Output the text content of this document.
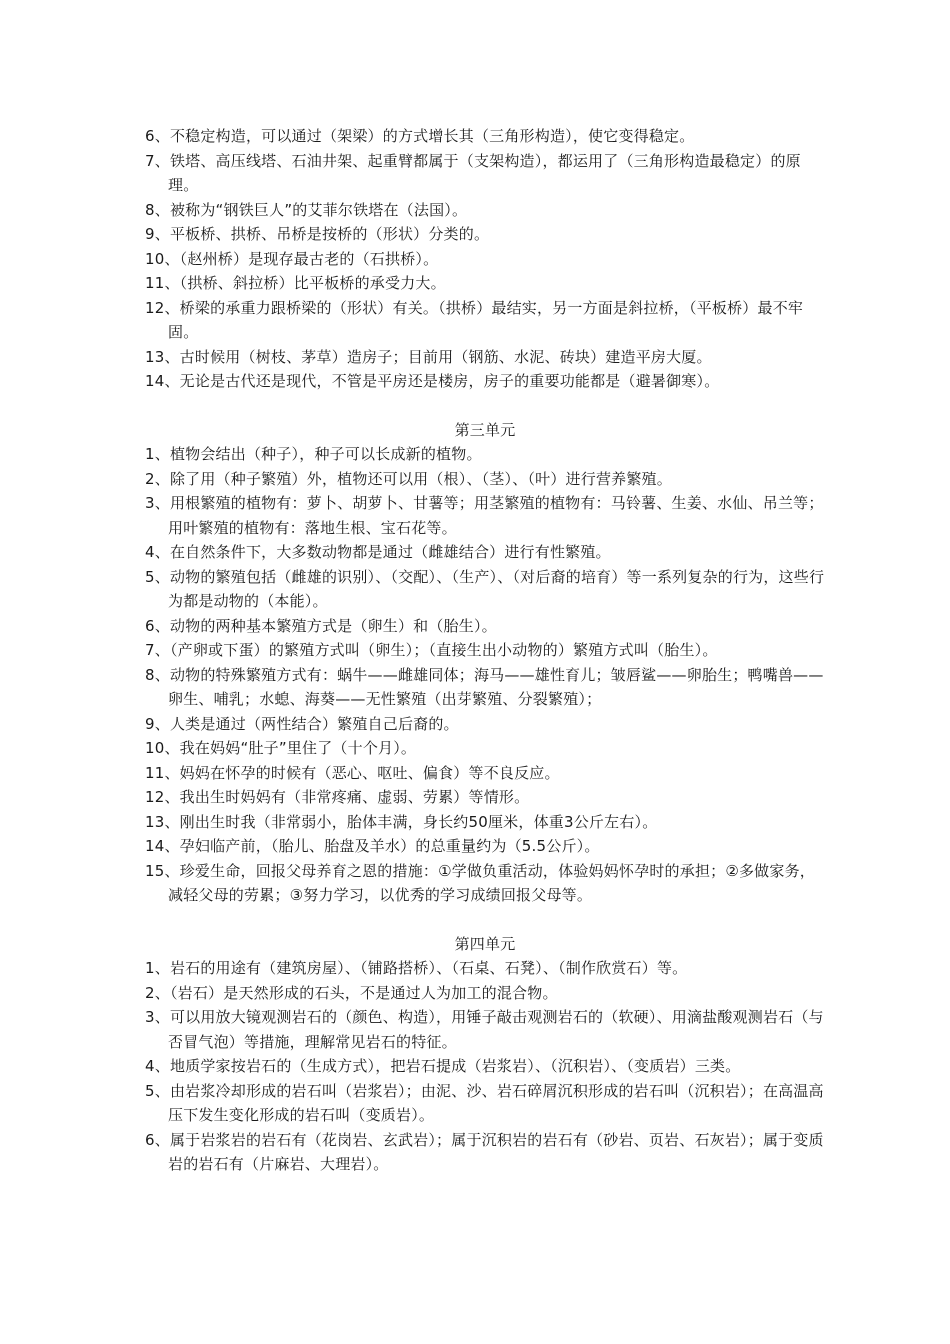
6、不稳定构造，可以通过（架梁）的方式增长其（三角形构造），使它变得稳定。
7、铁塔、高压线塔、石油井架、起重臂都属于（支架构造），都运用了（三角形构造最稳定）的原理。
8、被称为“钢铁巨人”的艾菲尔铁塔在（法国）。
9、平板桥、拱桥、吊桥是按桥的（形状）分类的。
10、（赵州桥）是现存最古老的（石拱桥）。
11、（拱桥、斜拉桥）比平板桥的承受力大。
12、桥梁的承重力跟桥梁的（形状）有关。（拱桥）最结实，另一方面是斜拉桥，（平板桥）最不牢固。
13、古时候用（树枝、茅草）造房子；目前用（钢筋、水泥、砖块）建造平房大厦。
14、无论是古代还是现代，不管是平房还是楼房，房子的重要功能都是（避暑御寒）。
第三单元
1、植物会结出（种子），种子可以长成新的植物。
2、除了用（种子繁殖）外，植物还可以用（根）、（茎）、（叶）进行营养繁殖。
3、用根繁殖的植物有：萝卜、胡萝卜、甘薯等；用茎繁殖的植物有：马铃薯、生姜、水仙、吊兰等；用叶繁殖的植物有：落地生根、宝石花等。
4、在自然条件下，大多数动物都是通过（雌雄结合）进行有性繁殖。
5、动物的繁殖包括（雌雄的识别）、（交配）、（生产）、（对后裔的培育）等一系列复杂的行为，这些行为都是动物的（本能）。
6、动物的两种基本繁殖方式是（卵生）和（胎生）。
7、（产卵或下蛋）的繁殖方式叫（卵生）；（直接生出小动物的）繁殖方式叫（胎生）。
8、动物的特殊繁殖方式有：蜗牛——雌雄同体；海马——雄性育儿；皱唇鲨——卵胎生；鸭嘴兽——卵生、哺乳；水螅、海葵——无性繁殖（出芽繁殖、分裂繁殖）；
9、人类是通过（两性结合）繁殖自己后裔的。
10、我在妈妈“肚子”里住了（十个月）。
11、妈妈在怀孕的时候有（恶心、呕吐、偏食）等不良反应。
12、我出生时妈妈有（非常疼痛、虚弱、劳累）等情形。
13、刚出生时我（非常弱小，胎体丰满，身长约50厘米，体重3公斤左右）。
14、孕妇临产前，（胎儿、胎盘及羊水）的总重量约为（5.5公斤）。
15、珍爱生命，回报父母养育之恩的措施：①学做负重活动，体验妈妈怀孕时的承担；②多做家务，减轻父母的劳累；③努力学习，以优秀的学习成绩回报父母等。
第四单元
1、岩石的用途有（建筑房屋）、（铺路搭桥）、（石桌、石凳）、（制作欣赏石）等。
2、（岩石）是天然形成的石头，不是通过人为加工的混合物。
3、可以用放大镜观测岩石的（颜色、构造），用锤子敲击观测岩石的（软硬）、用滴盐酸观测岩石（与否冒气泡）等措施，理解常见岩石的特征。
4、地质学家按岩石的（生成方式），把岩石提成（岩浆岩）、（沉积岩）、（变质岩）三类。
5、由岩浆冷却形成的岩石叫（岩浆岩）；由泥、沙、岩石碎屑沉积形成的岩石叫（沉积岩）；在高温高压下发生变化形成的岩石叫（变质岩）。
6、属于岩浆岩的岩石有（花岗岩、玄武岩）；属于沉积岩的岩石有（砂岩、页岩、石灰岩）；属于变质岩的岩石有（片麻岩、大理岩）。
